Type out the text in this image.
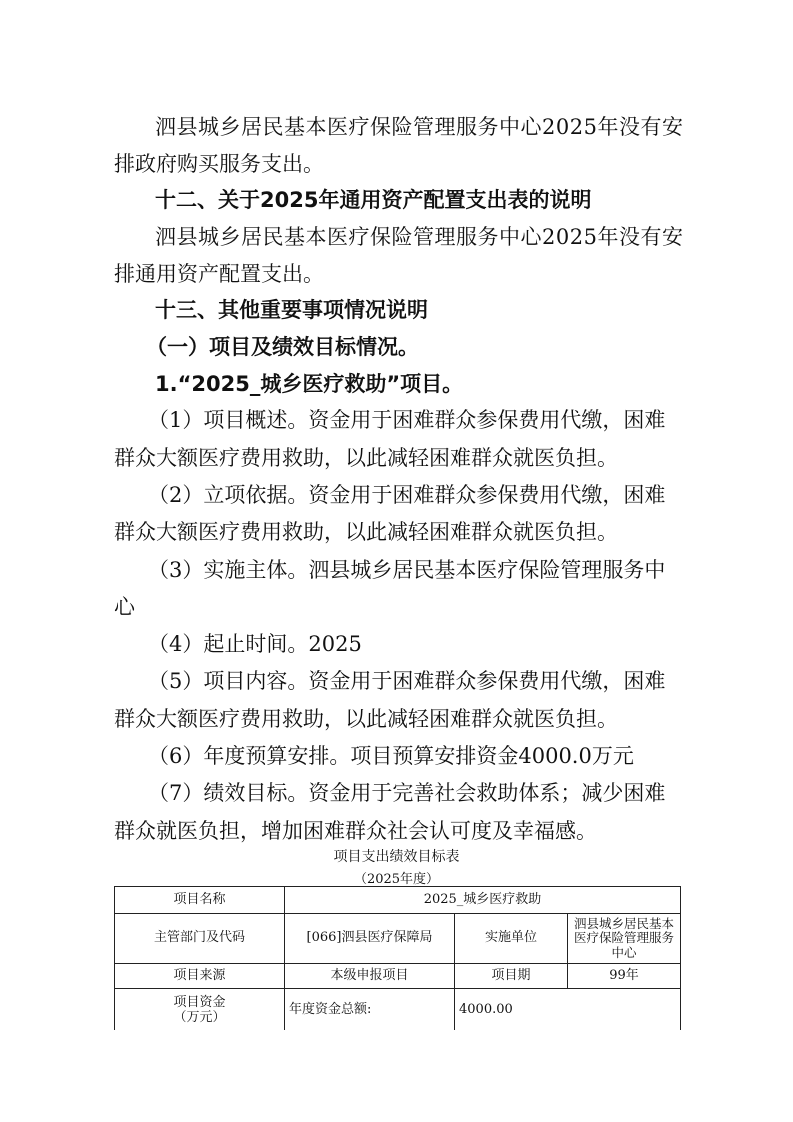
泗县城乡居民基本医疗保险管理服务中心2025年没有安
排政府购买服务支出。
十二、关于2025年通用资产配置支出表的说明
泗县城乡居民基本医疗保险管理服务中心2025年没有安
排通用资产配置支出。
十三、其他重要事项情况说明
（一）项目及绩效目标情况。
1.“2025_城乡医疗救助”项目。
（1）项目概述。资金用于困难群众参保费用代缴，困难
群众大额医疗费用救助，以此减轻困难群众就医负担。
（2）立项依据。资金用于困难群众参保费用代缴，困难
群众大额医疗费用救助，以此减轻困难群众就医负担。
（3）实施主体。泗县城乡居民基本医疗保险管理服务中
心
（4）起止时间。2025
（5）项目内容。资金用于困难群众参保费用代缴，困难
群众大额医疗费用救助，以此减轻困难群众就医负担。
（6）年度预算安排。项目预算安排资金4000.0万元
（7）绩效目标。资金用于完善社会救助体系；减少困难
群众就医负担，增加困难群众社会认可度及幸福感。
项目支出绩效目标表
（2025年度）
项目名称	2025_城乡医疗救助		
主管部门及代码	[066]泗县医疗保障局	实施单位	泗县城乡居民基本医疗保险管理服务中心
项目来源	本级申报项目	项目期	99年

项目资金
（万元）	年度资金总额:	4000.00	
